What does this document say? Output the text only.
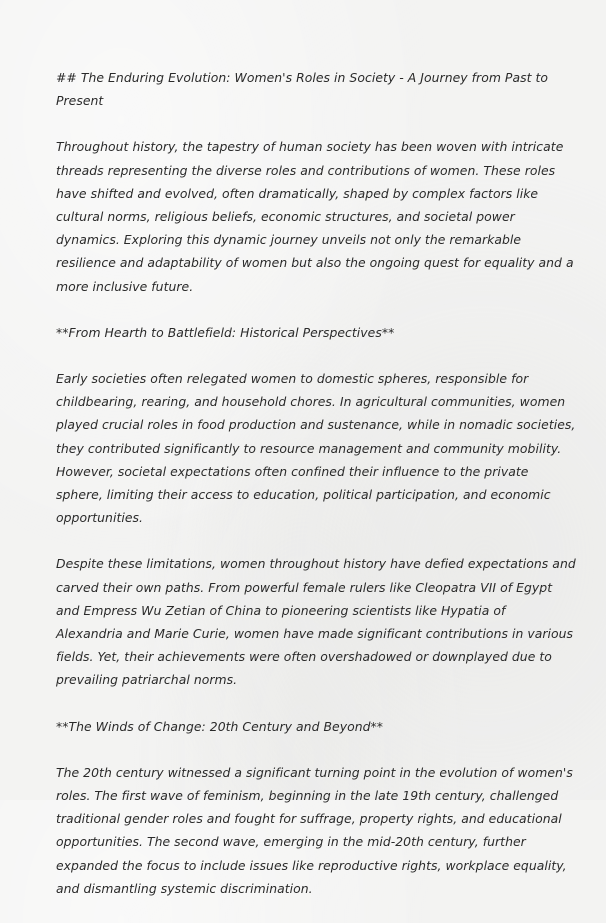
## The Enduring Evolution: Women's Roles in Society - A Journey from Past to Present

Throughout history, the tapestry of human society has been woven with intricate threads representing the diverse roles and contributions of women. These roles have shifted and evolved, often dramatically, shaped by complex factors like cultural norms, religious beliefs, economic structures, and societal power dynamics. Exploring this dynamic journey unveils not only the remarkable resilience and adaptability of women but also the ongoing quest for equality and a more inclusive future.

**From Hearth to Battlefield: Historical Perspectives**

Early societies often relegated women to domestic spheres, responsible for childbearing, rearing, and household chores. In agricultural communities, women played crucial roles in food production and sustenance, while in nomadic societies, they contributed significantly to resource management and community mobility. However, societal expectations often confined their influence to the private sphere, limiting their access to education, political participation, and economic opportunities.

Despite these limitations, women throughout history have defied expectations and carved their own paths. From powerful female rulers like Cleopatra VII of Egypt and Empress Wu Zetian of China to pioneering scientists like Hypatia of Alexandria and Marie Curie, women have made significant contributions in various fields. Yet, their achievements were often overshadowed or downplayed due to prevailing patriarchal norms.

**The Winds of Change: 20th Century and Beyond**

The 20th century witnessed a significant turning point in the evolution of women's roles. The first wave of feminism, beginning in the late 19th century, challenged traditional gender roles and fought for suffrage, property rights, and educational opportunities. The second wave, emerging in the mid-20th century, further expanded the focus to include issues like reproductive rights, workplace equality, and dismantling systemic discrimination.
